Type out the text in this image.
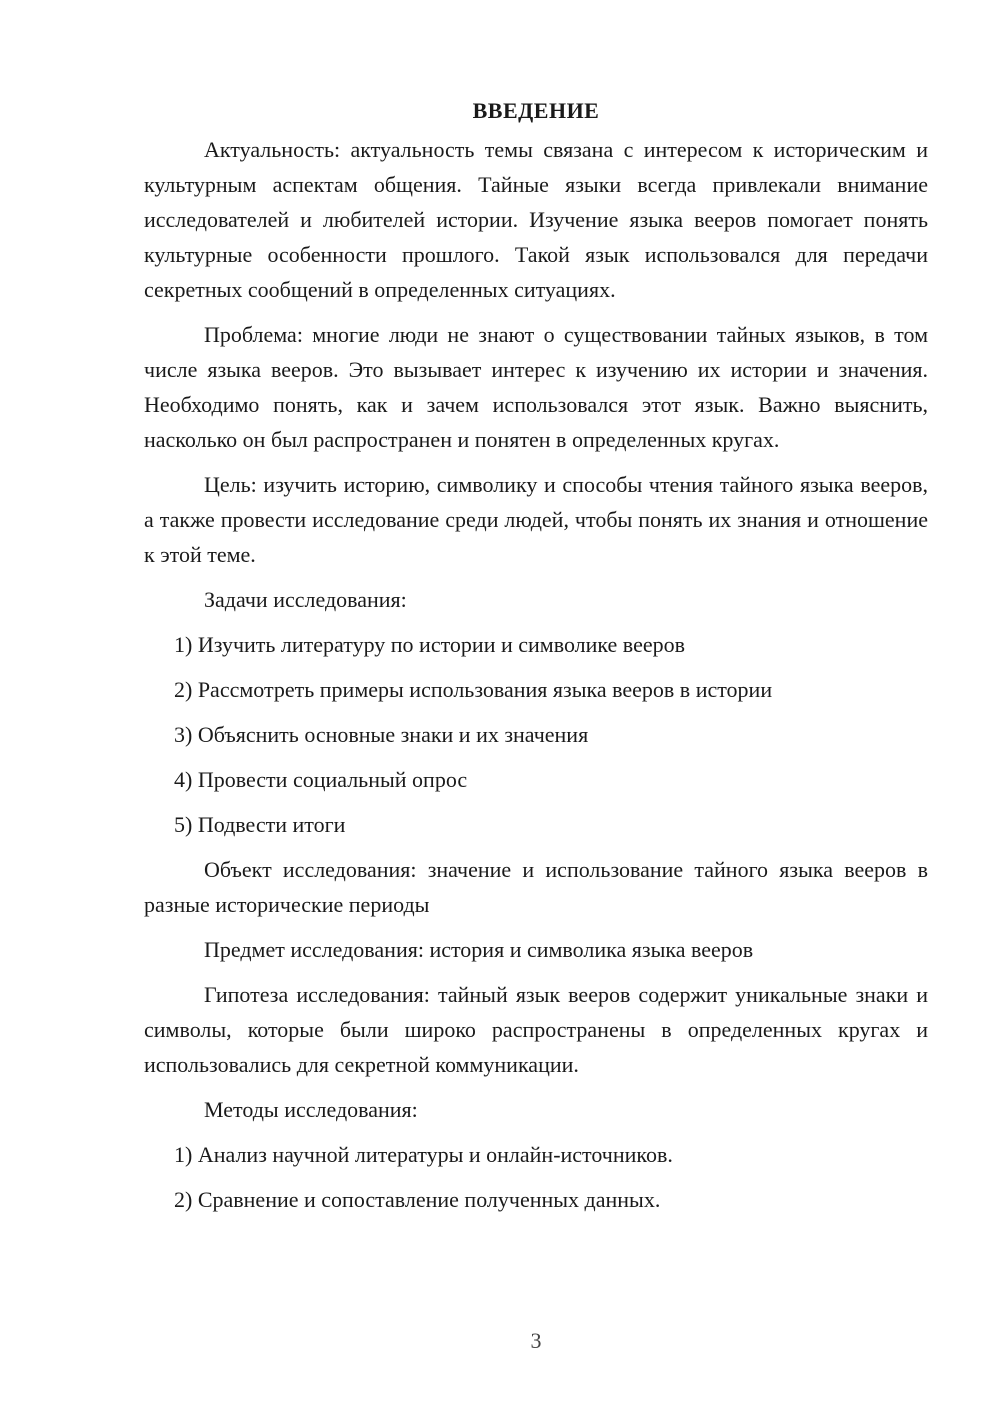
ВВЕДЕНИЕ

Актуальность: актуальность темы связана с интересом к историческим и культурным аспектам общения. Тайные языки всегда привлекали внимание исследователей и любителей истории. Изучение языка вееров помогает понять культурные особенности прошлого. Такой язык использовался для передачи секретных сообщений в определенных ситуациях.

Проблема: многие люди не знают о существовании тайных языков, в том числе языка вееров. Это вызывает интерес к изучению их истории и значения. Необходимо понять, как и зачем использовался этот язык. Важно выяснить, насколько он был распространен и понятен в определенных кругах.

Цель: изучить историю, символику и способы чтения тайного языка вееров, а также провести исследование среди людей, чтобы понять их знания и отношение к этой теме.

Задачи исследования:

1) Изучить литературу по истории и символике вееров

2) Рассмотреть примеры использования языка вееров в истории

3) Объяснить основные знаки и их значения

4) Провести социальный опрос

5) Подвести итоги

Объект исследования: значение и использование тайного языка вееров в разные исторические периоды

Предмет исследования: история и символика языка вееров

Гипотеза исследования: тайный язык вееров содержит уникальные знаки и символы, которые были широко распространены в определенных кругах и использовались для секретной коммуникации.

Методы исследования:

1) Анализ научной литературы и онлайн-источников.

2) Сравнение и сопоставление полученных данных.

3
